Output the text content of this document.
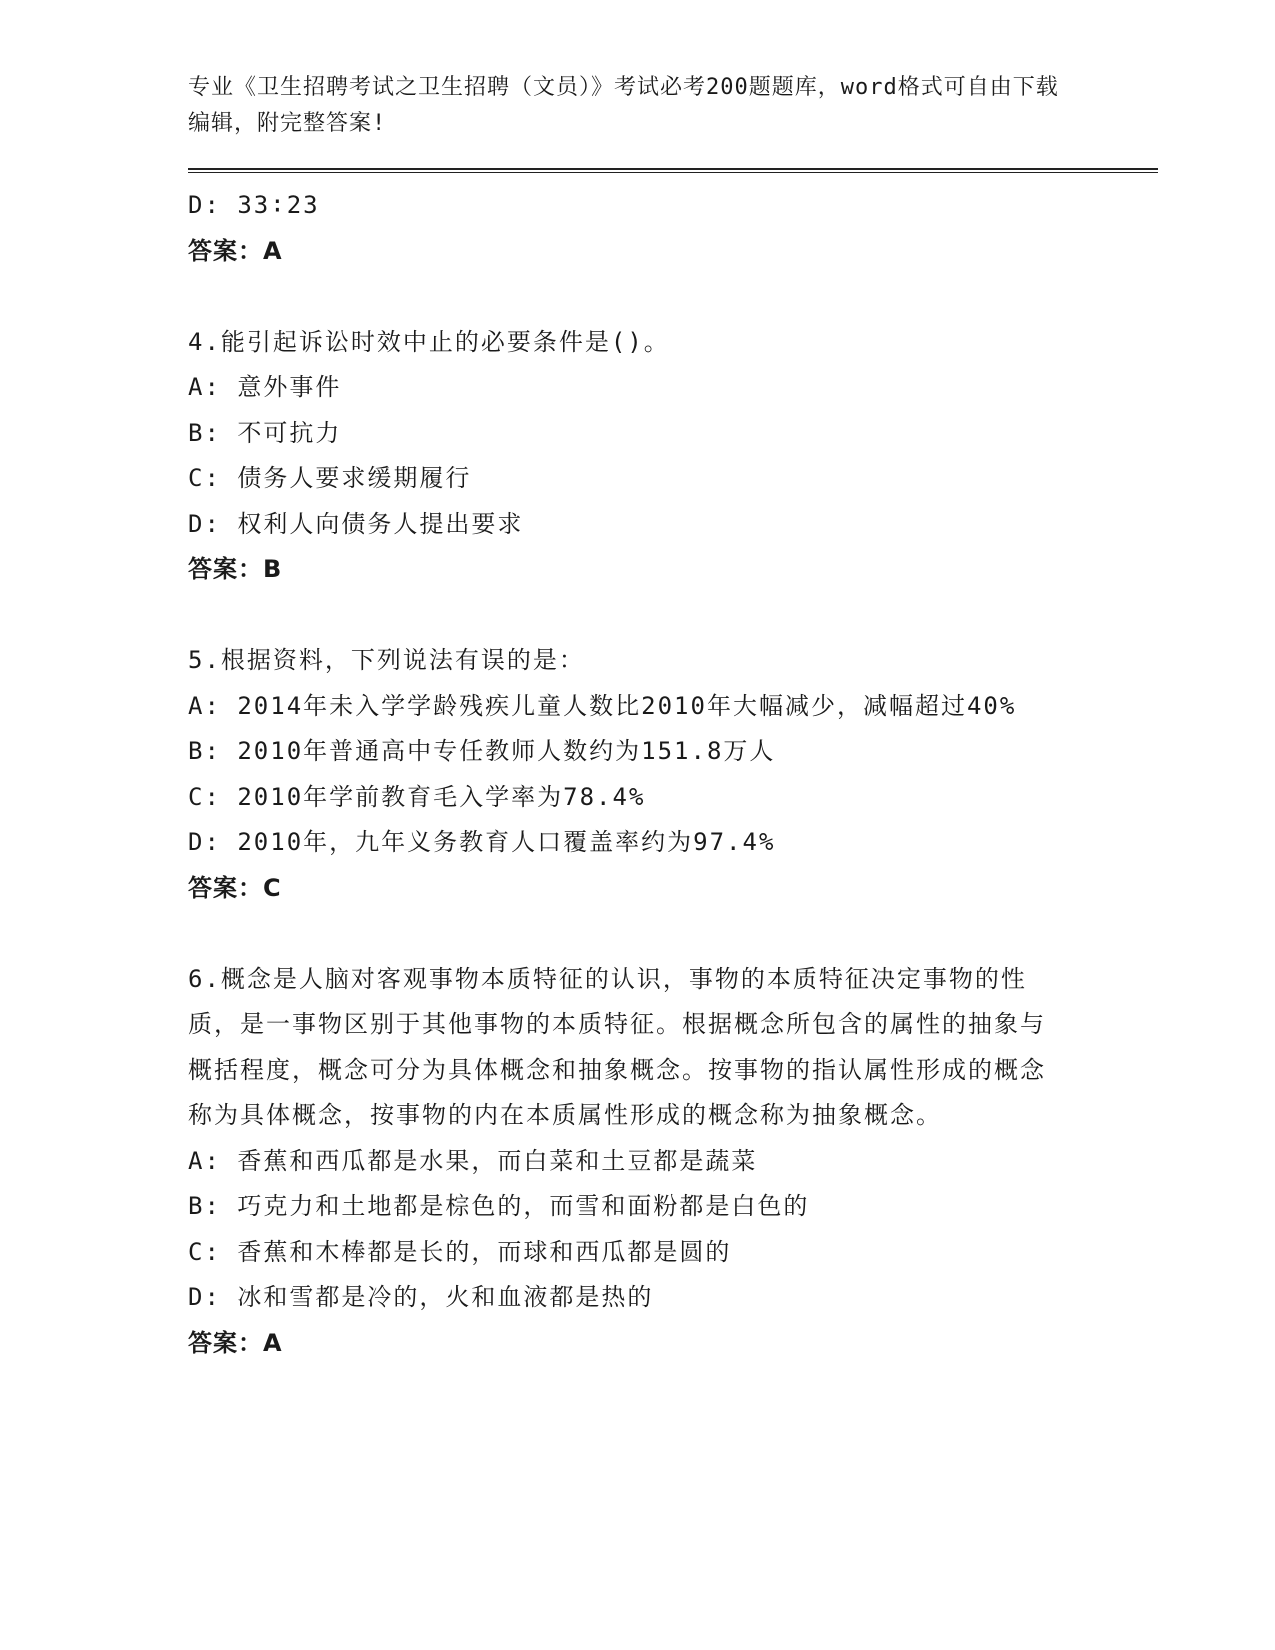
专业《卫生招聘考试之卫生招聘（文员）》考试必考200题题库，word格式可自由下载编辑，附完整答案!
D: 33∶23
答案：A
4.能引起诉讼时效中止的必要条件是()。
A: 意外事件
B: 不可抗力
C: 债务人要求缓期履行
D: 权利人向债务人提出要求
答案：B
5.根据资料，下列说法有误的是：
A: 2014年未入学学龄残疾儿童人数比2010年大幅减少，减幅超过40%
B: 2010年普通高中专任教师人数约为151.8万人
C: 2010年学前教育毛入学率为78.4%
D: 2010年，九年义务教育人口覆盖率约为97.4%
答案：C
6.概念是人脑对客观事物本质特征的认识，事物的本质特征决定事物的性质，是一事物区别于其他事物的本质特征。根据概念所包含的属性的抽象与概括程度，概念可分为具体概念和抽象概念。按事物的指认属性形成的概念称为具体概念，按事物的内在本质属性形成的概念称为抽象概念。
A: 香蕉和西瓜都是水果，而白菜和土豆都是蔬菜
B: 巧克力和土地都是棕色的，而雪和面粉都是白色的
C: 香蕉和木棒都是长的，而球和西瓜都是圆的
D: 冰和雪都是冷的，火和血液都是热的
答案：A
